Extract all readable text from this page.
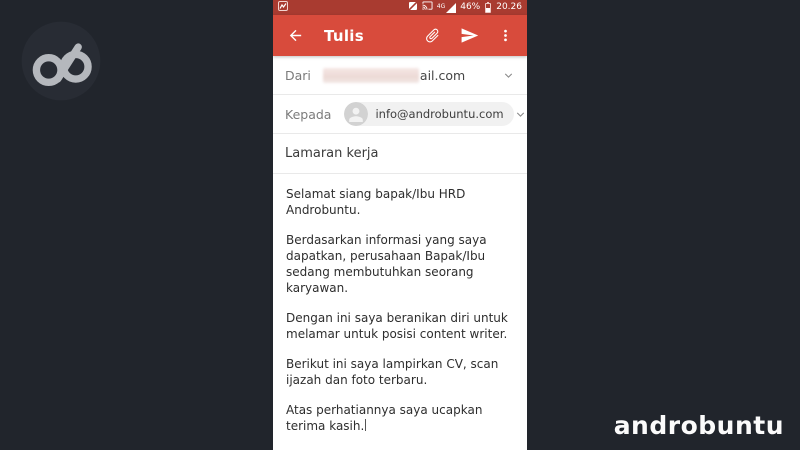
4G 46% 20.26
Tulis
Dari	ail.com
Kepada	info@androbuntu.com
Lamaran kerja

Selamat siang bapak/Ibu HRD Androbuntu.

Berdasarkan informasi yang saya dapatkan, perusahaan Bapak/Ibu sedang membutuhkan seorang karyawan.

Dengan ini saya beranikan diri untuk melamar untuk posisi content writer.

Berikut ini saya lampirkan CV, scan ijazah dan foto terbaru.

Atas perhatiannya saya ucapkan terima kasih.	androbuntu
